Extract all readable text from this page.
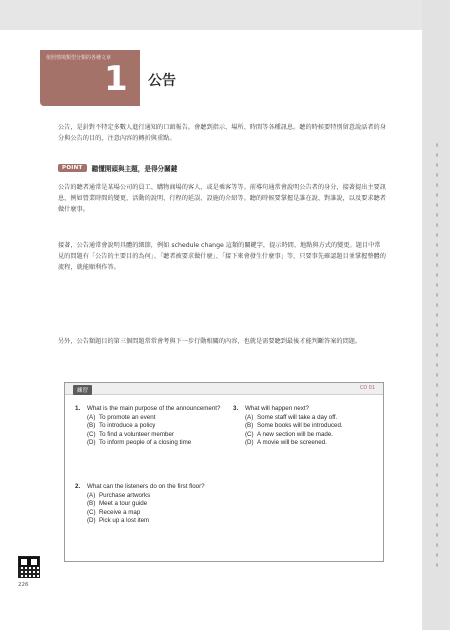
依照情境類型分類的各種文章
1 公告
公告，是針對不特定多數人進行通知的口頭報告。會聽到指示、場所、時間等各種訊息。聽的時候要特別留意說話者的身分與公告的目的，注意內容的轉折與重點。
POINT	聽懂開頭與主題，是得分關鍵
公告的聽者通常是某場公司的員工、購物商場的客人、或是乘客等等。前導句通常會說明公告者的身分，接著提出主要訊息，例如營業時間的變更、活動的說明、行程的延誤、設施的介紹等。聽的時候要掌握是誰在說、對誰說，以及要求聽者做什麼事。
接著，公告通常會說明具體的細節，例如 schedule change 這類的關鍵字，提示時間、地點與方式的變更。題目中常見的問題有「公告的主要目的為何」、「聽者被要求做什麼」、「接下來會發生什麼事」等，只要事先確認題目並掌握整體的流程，就能順利作答。
另外，公告類題目的第三個問題常常會考與下一步行動相關的內容，也就是需要聽到最後才能判斷答案的問題。
練習	CD 01
1.	What is the main purpose of the announcement?
(A) To promote an event
(B) To introduce a policy
(C) To find a volunteer member
(D) To inform people of a closing time
2.	What can the listeners do on the first floor?
(A) Purchase artworks
(B) Meet a tour guide
(C) Receive a map
(D) Pick up a lost item
3.	What will happen next?
(A) Some staff will take a day off.
(B) Some books will be introduced.
(C) A new section will be made.
(D) A movie will be screened.
226
